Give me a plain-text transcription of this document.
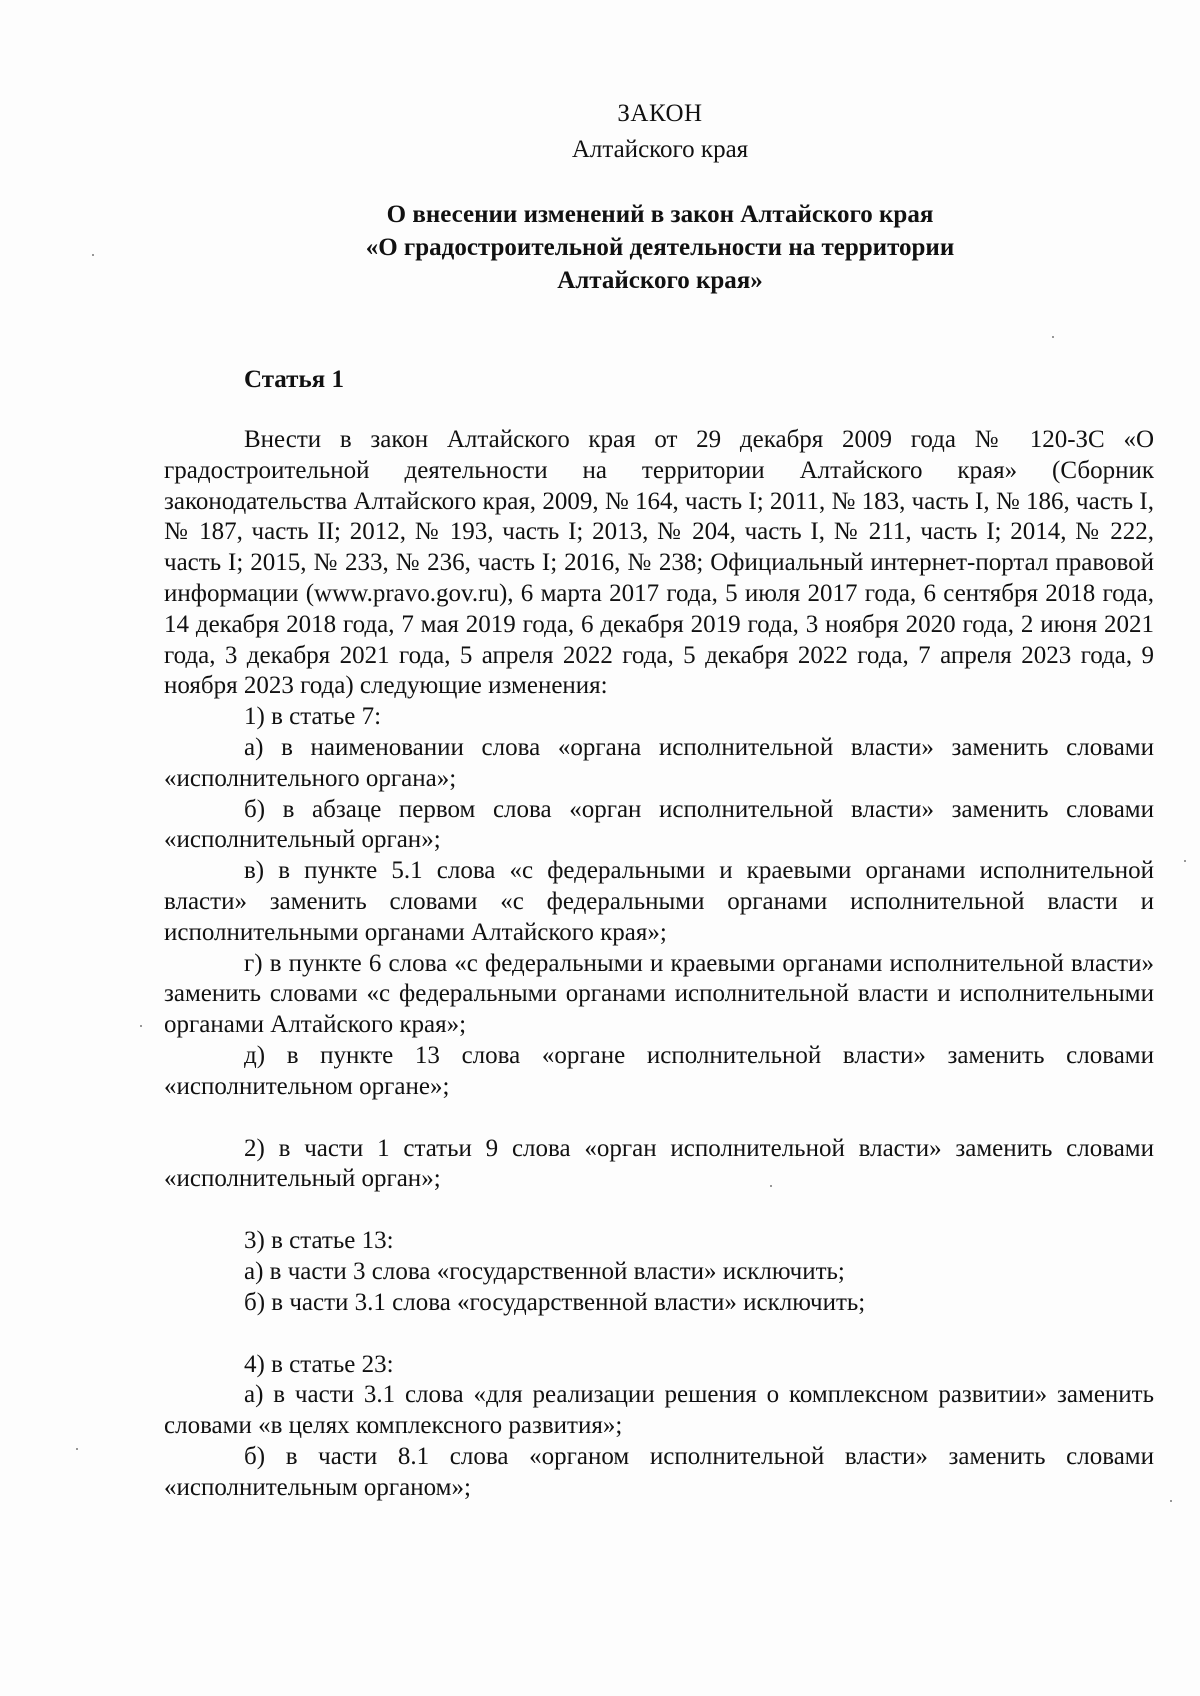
ЗАКОН
Алтайского края
О внесении изменений в закон Алтайского края
«О градостроительной деятельности на территории
Алтайского края»
Статья 1

Внести в закон Алтайского края от 29 декабря 2009 года № 120-ЗС «О градостроительной деятельности на территории Алтайского края» (Сборник законодательства Алтайского края, 2009, № 164, часть I; 2011, № 183, часть I, № 186, часть I, № 187, часть II; 2012, № 193, часть I; 2013, № 204, часть I, № 211, часть I; 2014, № 222, часть I; 2015, № 233, № 236, часть I; 2016, № 238; Официальный интернет-портал правовой информации (www.pravo.gov.ru), 6 марта 2017 года, 5 июля 2017 года, 6 сентября 2018 года, 14 декабря 2018 года, 7 мая 2019 года, 6 декабря 2019 года, 3 ноября 2020 года, 2 июня 2021 года, 3 декабря 2021 года, 5 апреля 2022 года, 5 декабря 2022 года, 7 апреля 2023 года, 9 ноября 2023 года) следующие изменения:

1) в статье 7:

а) в наименовании слова «органа исполнительной власти» заменить словами «исполнительного органа»;

б) в абзаце первом слова «орган исполнительной власти» заменить словами «исполнительный орган»;

в) в пункте 5.1 слова «с федеральными и краевыми органами исполнительной власти» заменить словами «с федеральными органами исполнительной власти и исполнительными органами Алтайского края»;

г) в пункте 6 слова «с федеральными и краевыми органами исполнительной власти» заменить словами «с федеральными органами исполнительной власти и исполнительными органами Алтайского края»;

д) в пункте 13 слова «органе исполнительной власти» заменить словами «исполнительном органе»;

2) в части 1 статьи 9 слова «орган исполнительной власти» заменить словами «исполнительный орган»;

3) в статье 13:

а) в части 3 слова «государственной власти» исключить;

б) в части 3.1 слова «государственной власти» исключить;

4) в статье 23:

а) в части 3.1 слова «для реализации решения о комплексном развитии» заменить словами «в целях комплексного развития»;

б) в части 8.1 слова «органом исполнительной власти» заменить словами «исполнительным органом»;
